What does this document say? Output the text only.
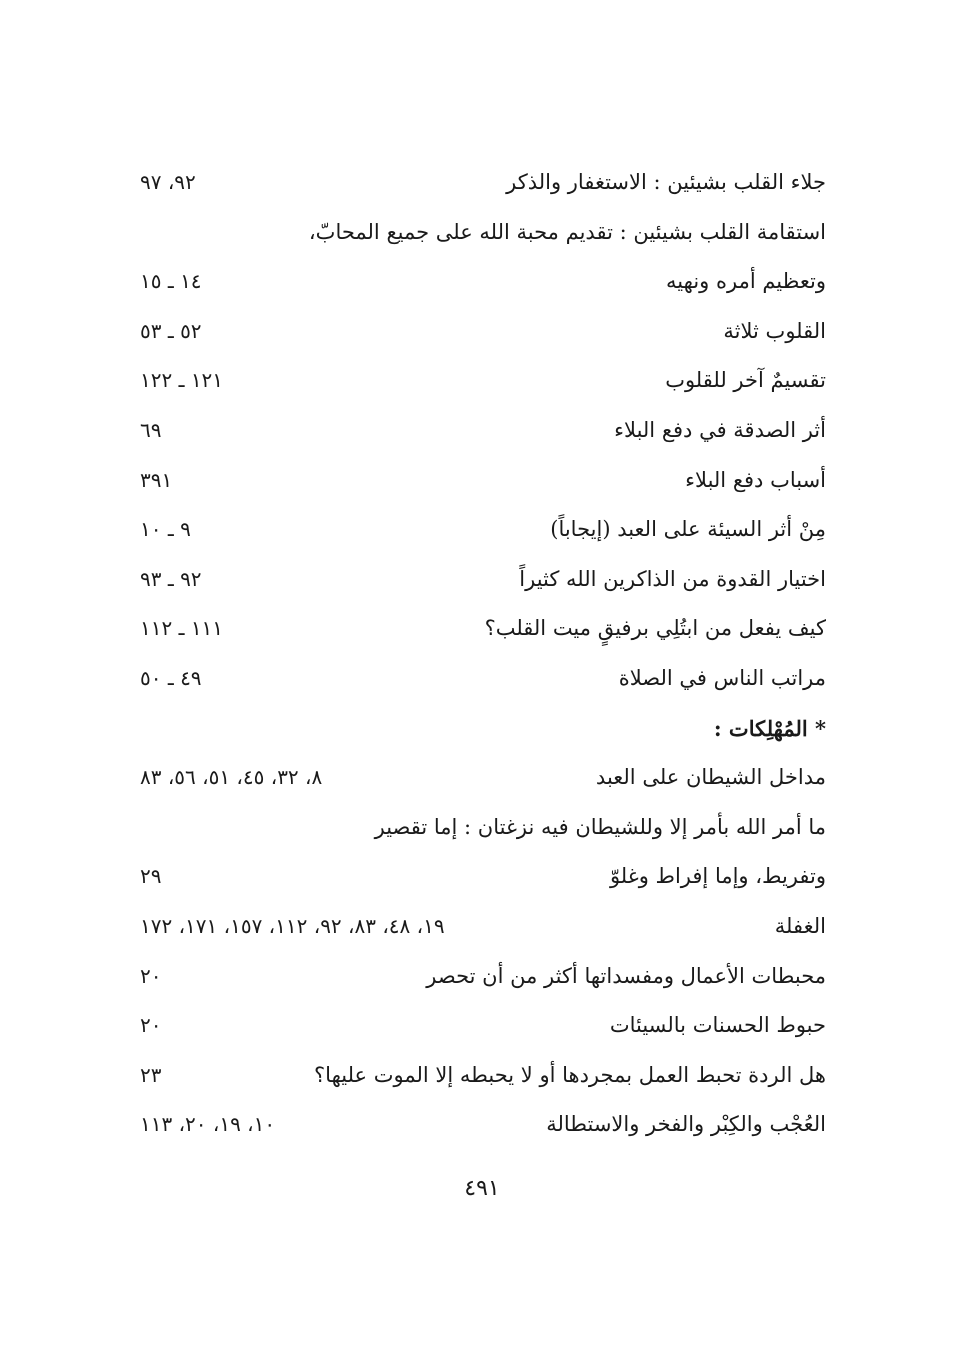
جلاء القلب بشيئين : الاستغفار والذكر
٩٢، ٩٧
استقامة القلب بشيئين : تقديم محبة الله على جميع المحابّ،
وتعظيم أمره ونهيه
١٤ ـ ١٥
القلوب ثلاثة
٥٢ ـ ٥٣
تقسيمٌ آخر للقلوب
١٢١ ـ ١٢٢
أثر الصدقة في دفع البلاء
٦٩
أسباب دفع البلاء
٣٩١
مِنْ أثر السيئة على العبد (إيجاباً)
٩ ـ ١٠
اختيار القدوة من الذاكرين الله كثيراً
٩٢ ـ ٩٣
كيف يفعل من ابتُلِي برفيقٍ ميت القلب؟
١١١ ـ ١١٢
مراتب الناس في الصلاة
٤٩ ـ ٥٠
* المُهْلِكات :
مداخل الشيطان على العبد
٨، ٣٢، ٤٥، ٥١، ٥٦، ٨٣
ما أمر الله بأمر إلا وللشيطان فيه نزغتان : إما تقصير
وتفريط، وإما إفراط وغلوّ
٢٩
الغفلة
١٩، ٤٨، ٨٣، ٩٢، ١١٢، ١٥٧، ١٧١، ١٧٢
محبطات الأعمال ومفسداتها أكثر من أن تحصر
٢٠
حبوط الحسنات بالسيئات
٢٠
هل الردة تحبط العمل بمجردها أو لا يحبطه إلا الموت عليها؟
٢٣
العُجْب والكِبْر والفخر والاستطالة
١٠، ١٩، ٢٠، ١١٣
٤٩١
